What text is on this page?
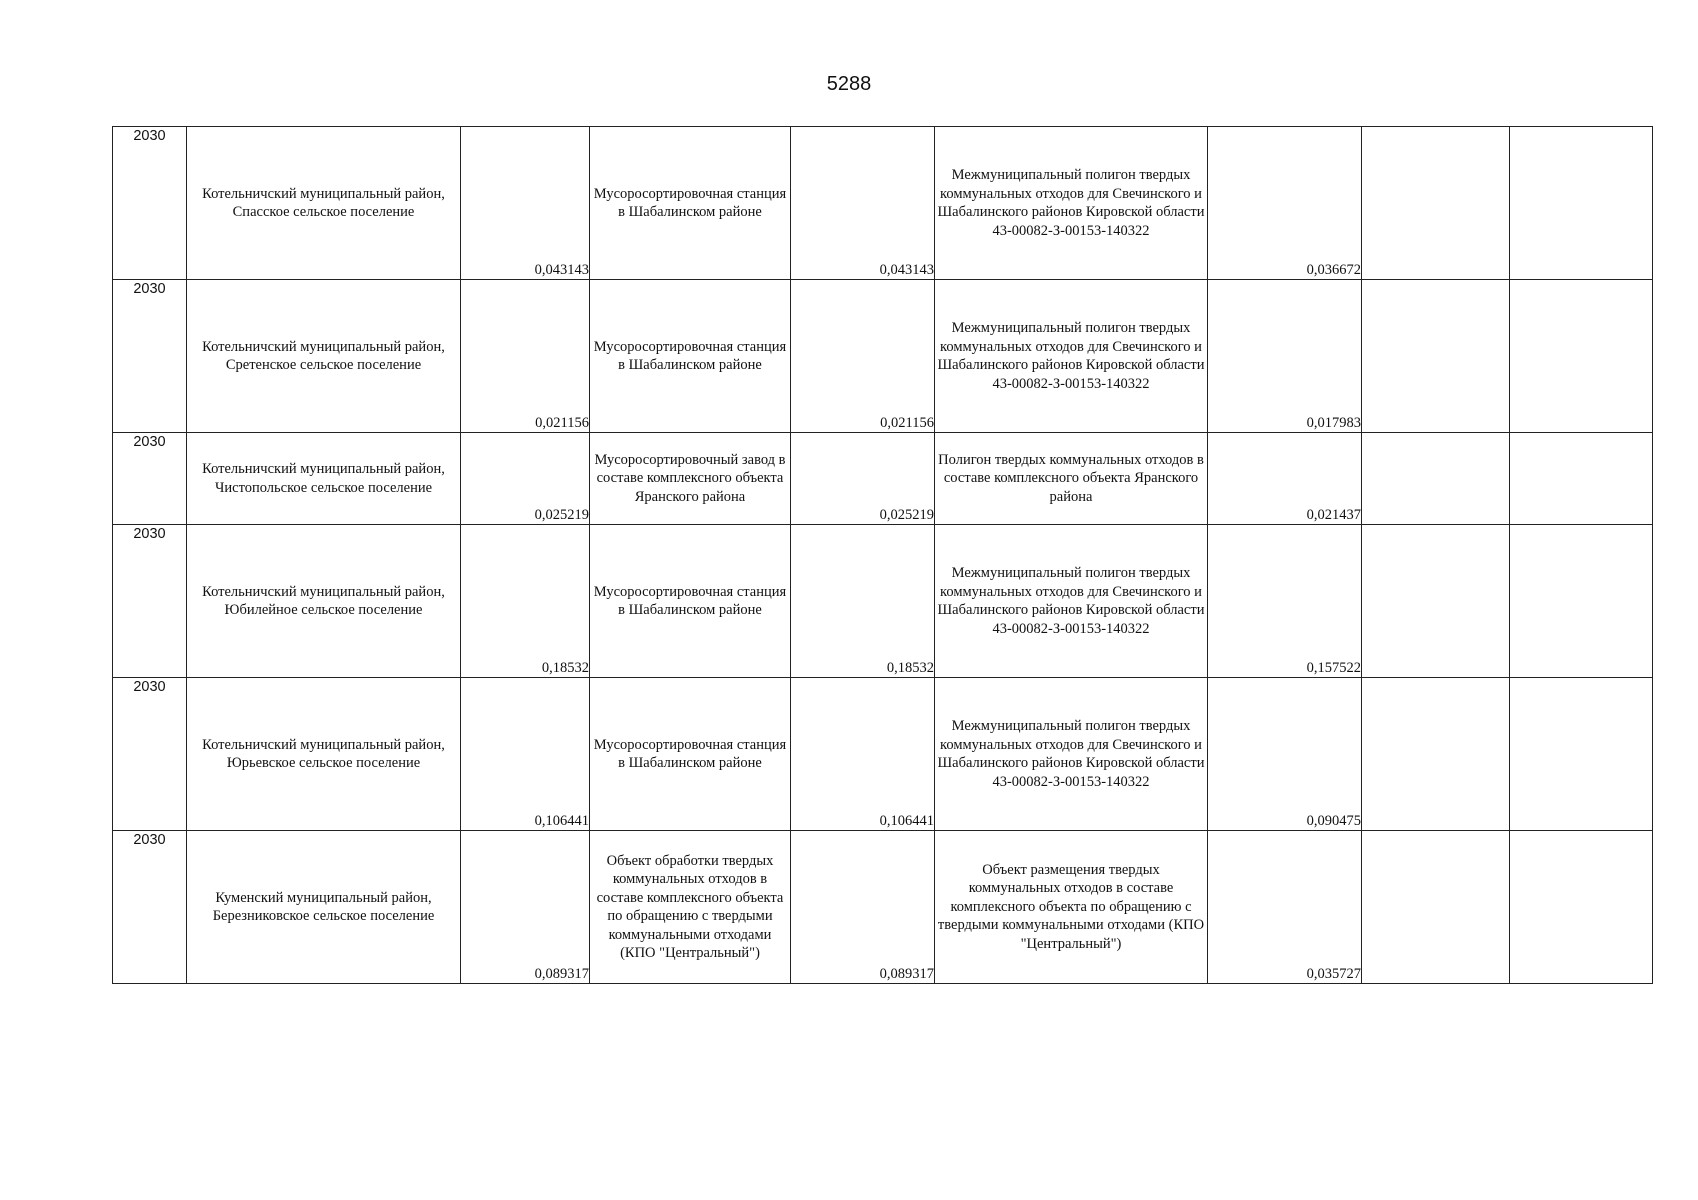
5288
2030	Котельничский муниципальный район, Спасское сельское поселение	0,043143	Мусоросортировочная станция в Шабалинском районе	0,043143	Межмуниципальный полигон твердых коммунальных отходов для Свечинского и Шабалинского районов Кировской области 43-00082-З-00153-140322	0,036672		
2030	Котельничский муниципальный район, Сретенское сельское поселение	0,021156	Мусоросортировочная станция в Шабалинском районе	0,021156	Межмуниципальный полигон твердых коммунальных отходов для Свечинского и Шабалинского районов Кировской области 43-00082-З-00153-140322	0,017983		
2030	Котельничский муниципальный район, Чистопольское сельское поселение	0,025219	Мусоросортировочный завод в составе комплексного объекта Яранского района	0,025219	Полигон твердых коммунальных отходов в составе комплексного объекта Яранского района	0,021437		
2030	Котельничский муниципальный район, Юбилейное сельское поселение	0,18532	Мусоросортировочная станция в Шабалинском районе	0,18532	Межмуниципальный полигон твердых коммунальных отходов для Свечинского и Шабалинского районов Кировской области 43-00082-З-00153-140322	0,157522		
2030	Котельничский муниципальный район, Юрьевское сельское поселение	0,106441	Мусоросортировочная станция в Шабалинском районе	0,106441	Межмуниципальный полигон твердых коммунальных отходов для Свечинского и Шабалинского районов Кировской области 43-00082-З-00153-140322	0,090475		
2030	Куменский муниципальный район, Березниковское сельское поселение	0,089317	Объект обработки твердых коммунальных отходов в составе комплексного объекта по обращению с твердыми коммунальными отходами (КПО "Центральный")	0,089317	Объект размещения твердых коммунальных отходов в составе комплексного объекта по обращению с твердыми коммунальными отходами (КПО "Центральный")	0,035727		
